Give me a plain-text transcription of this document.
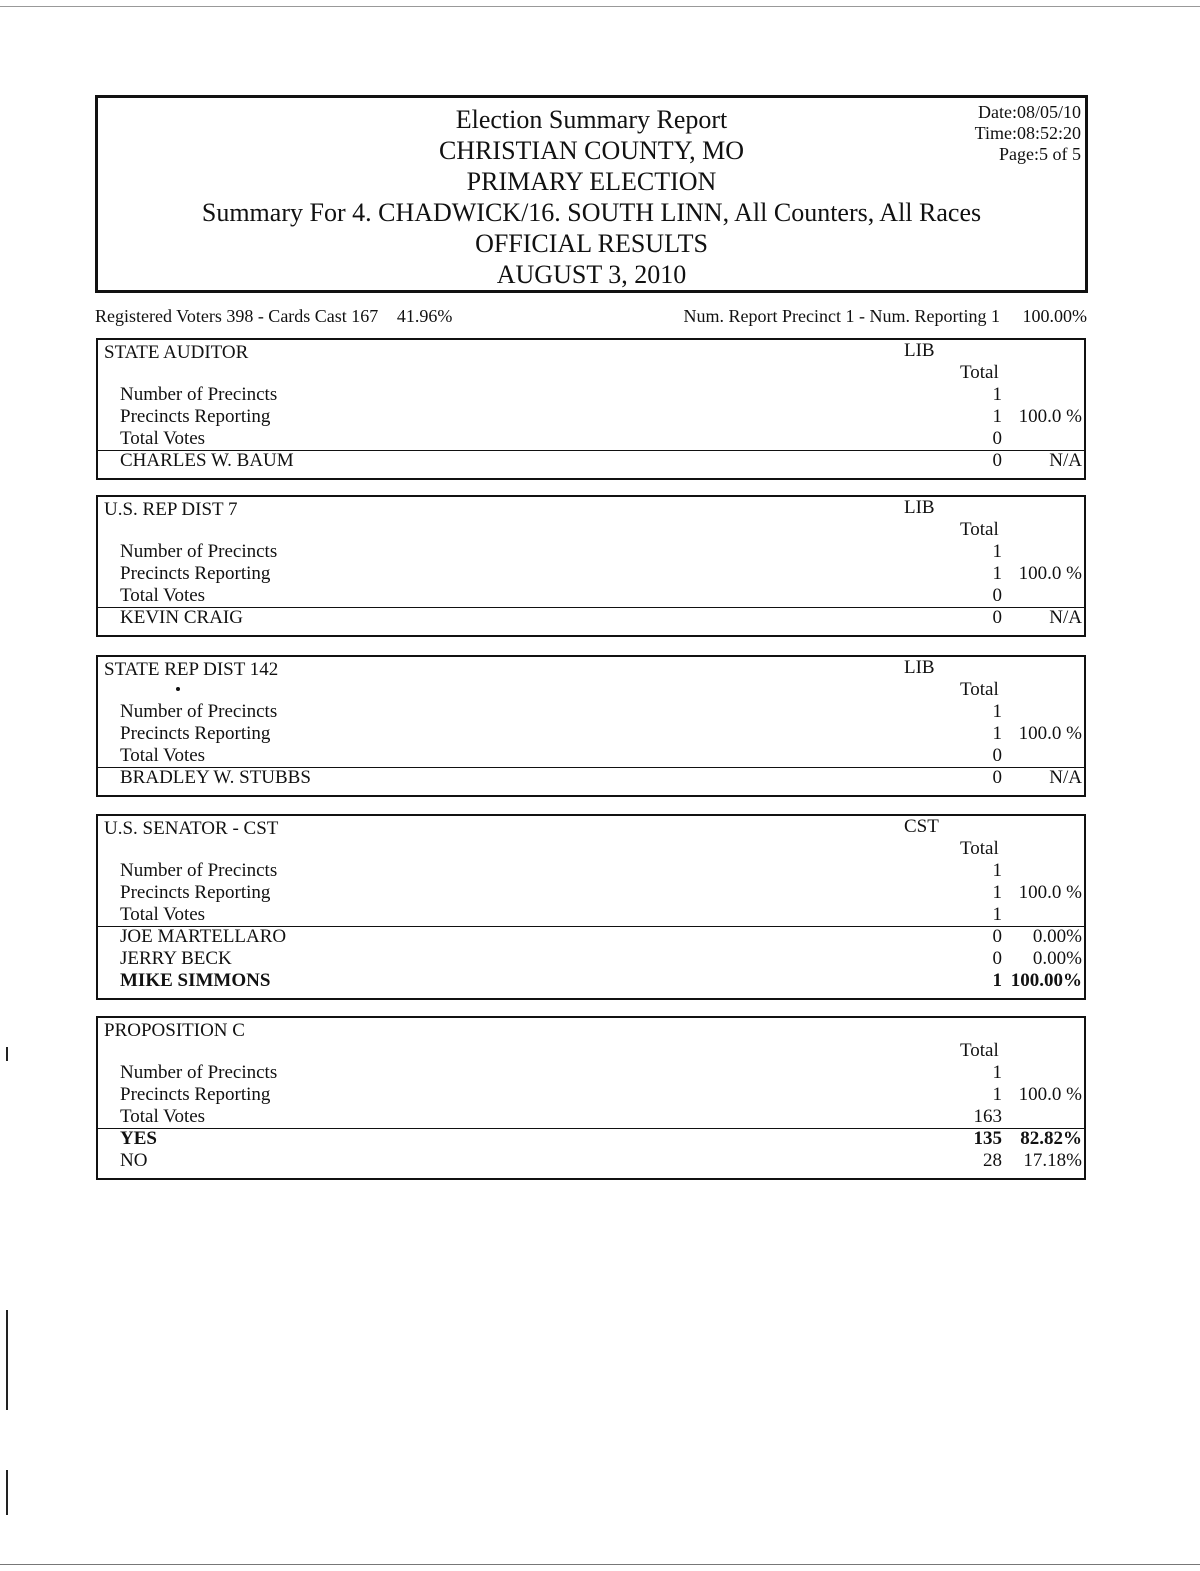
Election Summary Report
CHRISTIAN COUNTY, MO
PRIMARY ELECTION
Summary For 4. CHADWICK/16. SOUTH LINN, All Counters, All Races
OFFICIAL RESULTS
AUGUST 3, 2010
Date:08/05/10
Time:08:52:20
Page:5 of 5
Registered Voters 398 - Cards Cast 167 41.96%	Num. Report Precinct 1 - Num. Reporting 1 100.00%
STATE AUDITOR	LIB
Total
Number of Precincts	1
Precincts Reporting	1 100.0 %
Total Votes	0
CHARLES W. BAUM	0 N/A
U.S. REP DIST 7	LIB
Total
Number of Precincts	1
Precincts Reporting	1 100.0 %
Total Votes	0
KEVIN CRAIG	0 N/A
STATE REP DIST 142	LIB
Total
Number of Precincts	1
Precincts Reporting	1 100.0 %
Total Votes	0
BRADLEY W. STUBBS	0 N/A
U.S. SENATOR - CST	CST
Total
Number of Precincts	1
Precincts Reporting	1 100.0 %
Total Votes	1
JOE MARTELLARO	0 0.00%
JERRY BECK	0 0.00%
MIKE SIMMONS	1 100.00%
PROPOSITION C
Total
Number of Precincts	1
Precincts Reporting	1 100.0 %
Total Votes	163
YES	135 82.82%
NO	28 17.18%
